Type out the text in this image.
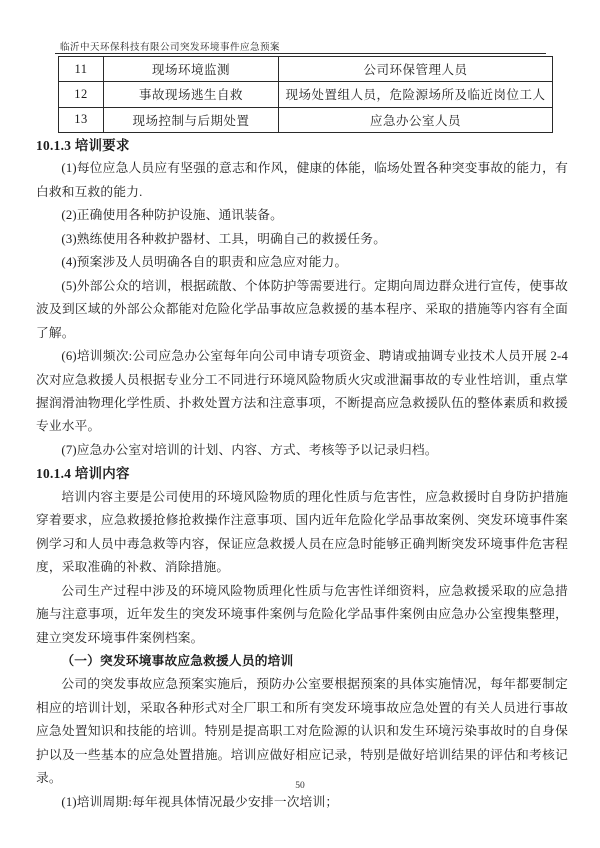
临沂中天环保科技有限公司突发环境事件应急预案
11	现场环境监测	公司环保管理人员
12	事故现场逃生自救	现场处置组人员，危险源场所及临近岗位工人
13	现场控制与后期处置	应急办公室人员
10.1.3 培训要求

(1)每位应急人员应有坚强的意志和作风，健康的体能，临场处置各种突变事故的能力，有白救和互救的能力.

(2)正确使用各种防护设施、通讯装备。

(3)熟练使用各种救护器材、工具，明确自己的救援任务。

(4)预案涉及人员明确各自的职责和应急应对能力。

(5)外部公众的培训，根据疏散、个体防护等需要进行。定期向周边群众进行宣传，使事故波及到区域的外部公众都能对危险化学品事故应急救援的基本程序、采取的措施等内容有全面了解。

(6)培训频次:公司应急办公室每年向公司申请专项资金、聘请或抽调专业技术人员开展 2-4 次对应急救援人员根据专业分工不同进行环境风险物质火灾或泄漏事故的专业性培训，重点掌握润滑油物理化学性质、扑救处置方法和注意事项，不断提高应急救援队伍的整体素质和救援专业水平。

(7)应急办公室对培训的计划、内容、方式、考核等予以记录归档。

10.1.4 培训内容

培训内容主要是公司使用的环境风险物质的理化性质与危害性，应急救援时自身防护措施穿着要求，应急救援抢修抢救操作注意事项、国内近年危险化学品事故案例、突发环境事件案例学习和人员中毒急救等内容，保证应急救援人员在应急时能够正确判断突发环境事件危害程度，采取准确的补救、消除措施。

公司生产过程中涉及的环境风险物质理化性质与危害性详细资料，应急救援采取的应急措施与注意事项，近年发生的突发环境事件案例与危险化学品事件案例由应急办公室搜集整理，建立突发环境事件案例档案。

（一）突发环境事故应急救援人员的培训

公司的突发事故应急预案实施后，预防办公室要根据预案的具体实施情况，每年都要制定相应的培训计划，采取各种形式对全厂职工和所有突发环境事故应急处置的有关人员进行事故应急处置知识和技能的培训。特别是提高职工对危险源的认识和发生环境污染事故时的自身保护以及一些基本的应急处置措施。培训应做好相应记录，特别是做好培训结果的评估和考核记录。

(1)培训周期:每年视具体情况最少安排一次培训；

50
